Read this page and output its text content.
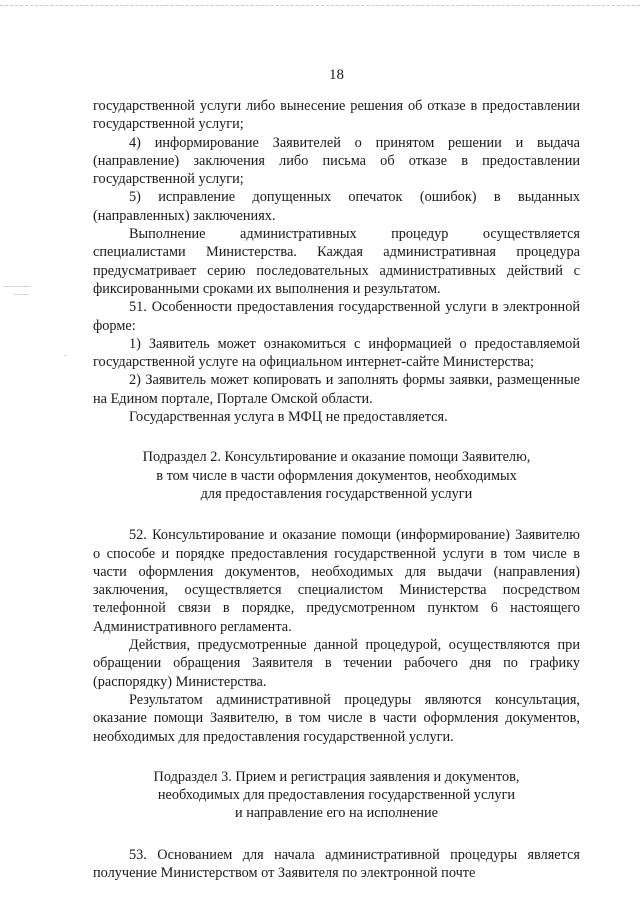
18

государственной услуги либо вынесение решения об отказе в предоставлении государственной услуги;

4) информирование Заявителей о принятом решении и выдача (направление) заключения либо письма об отказе в предоставлении государственной услуги;

5) исправление допущенных опечаток (ошибок) в выданных (направленных) заключениях.

Выполнение административных процедур осуществляется специалистами Министерства. Каждая административная процедура предусматривает серию последовательных административных действий с фиксированными сроками их выполнения и результатом.

51. Особенности предоставления государственной услуги в электронной форме:

1) Заявитель может ознакомиться с информацией о предоставляемой государственной услуге на официальном интернет-сайте Министерства;

2) Заявитель может копировать и заполнять формы заявки, размещенные на Едином портале, Портале Омской области.

Государственная услуга в МФЦ не предоставляется.

Подраздел 2. Консультирование и оказание помощи Заявителю,
в том числе в части оформления документов, необходимых
для предоставления государственной услуги

52. Консультирование и оказание помощи (информирование) Заявителю о способе и порядке предоставления государственной услуги в том числе в части оформления документов, необходимых для выдачи (направления) заключения, осуществляется специалистом Министерства посредством телефонной связи в порядке, предусмотренном пунктом 6 настоящего Административного регламента.

Действия, предусмотренные данной процедурой, осуществляются при обращении обращения Заявителя в течении рабочего дня по графику (распорядку) Министерства.

Результатом административной процедуры являются консультация, оказание помощи Заявителю, в том числе в части оформления документов, необходимых для предоставления государственной услуги.

Подраздел 3. Прием и регистрация заявления и документов,
необходимых для предоставления государственной услуги
и направление его на исполнение

53. Основанием для начала административной процедуры является получение Министерством от Заявителя по электронной почте
